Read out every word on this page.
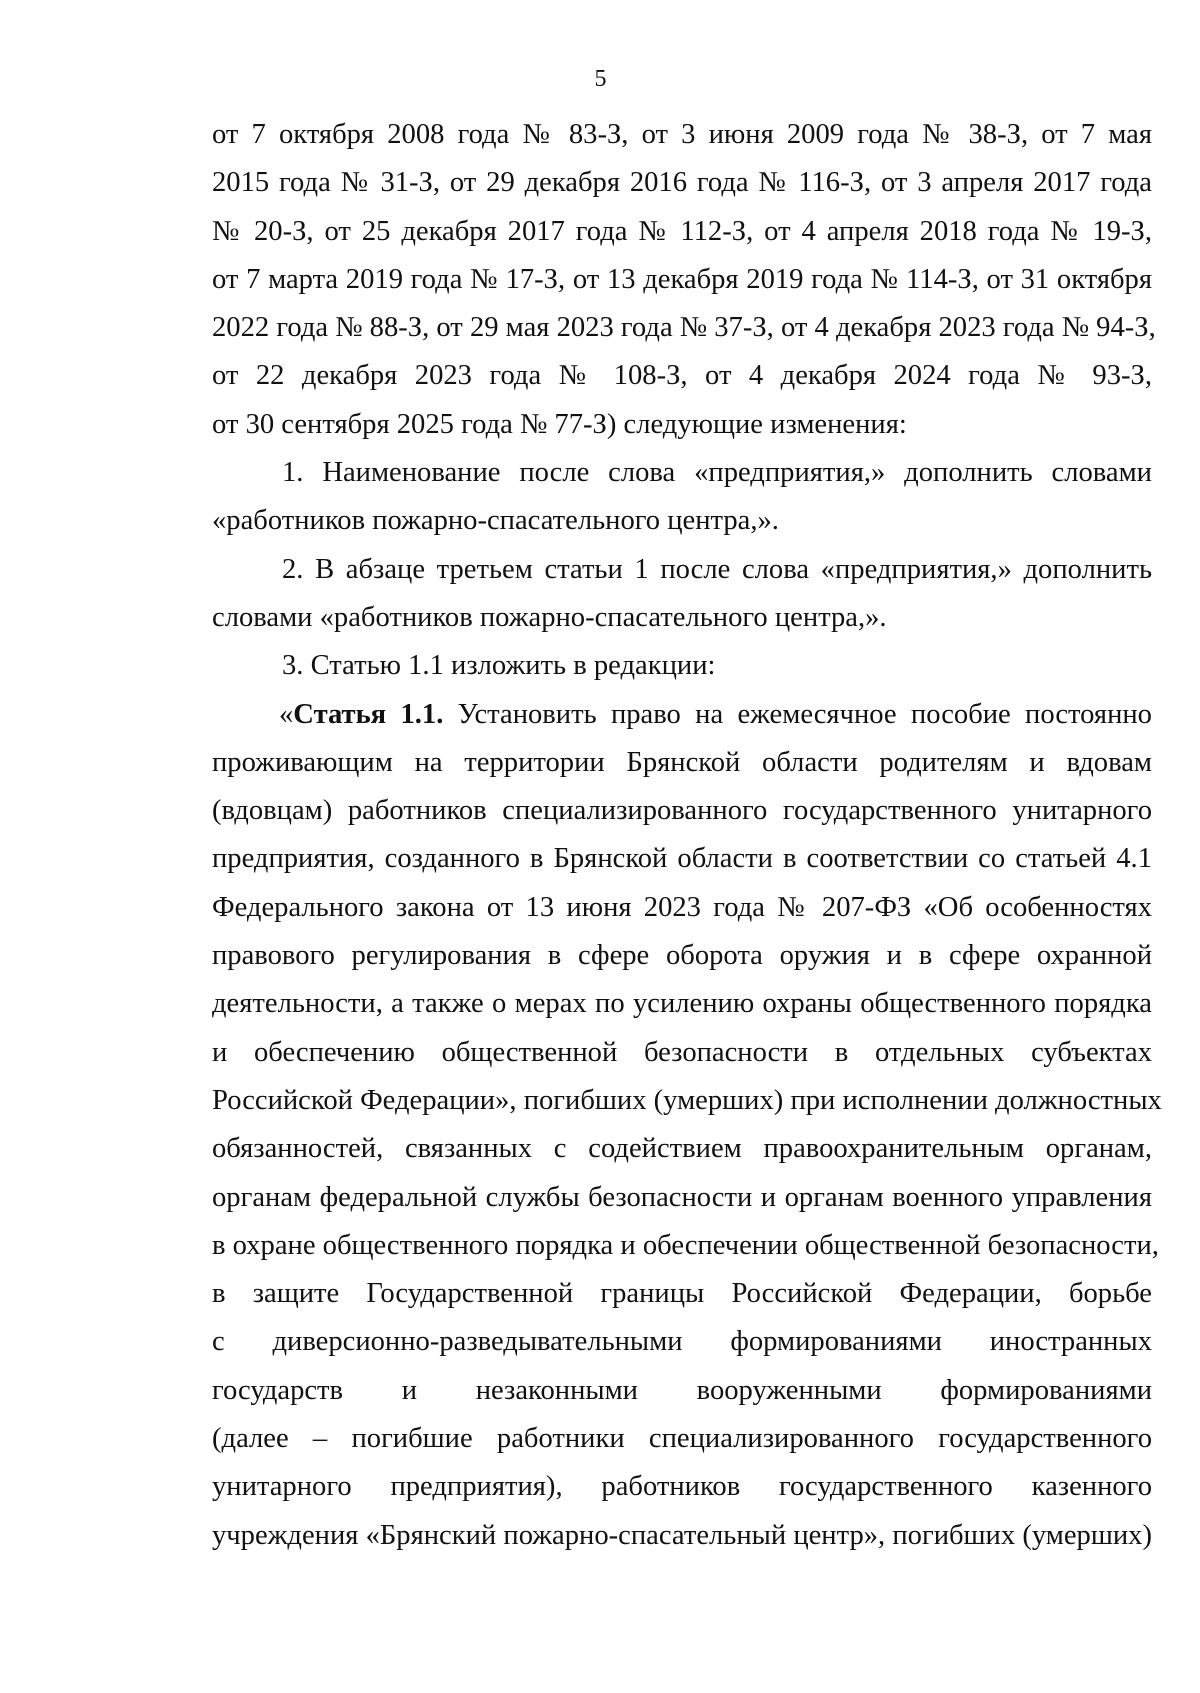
5
от 7 октября 2008 года № 83-З, от 3 июня 2009 года № 38-З, от 7 мая
2015 года № 31-З, от 29 декабря 2016 года № 116-З, от 3 апреля 2017 года
№ 20-З, от 25 декабря 2017 года № 112-З, от 4 апреля 2018 года № 19-З,
от 7 марта 2019 года № 17-З, от 13 декабря 2019 года № 114-З, от 31 октября
2022 года № 88-З, от 29 мая 2023 года № 37-З, от 4 декабря 2023 года № 94-З,
от 22 декабря 2023 года № 108-З, от 4 декабря 2024 года № 93-З,
от 30 сентября 2025 года № 77-З) следующие изменения:
1. Наименование после слова «предприятия,» дополнить словами
«работников пожарно-спасательного центра,».
2. В абзаце третьем статьи 1 после слова «предприятия,» дополнить
словами «работников пожарно-спасательного центра,».
3. Статью 1.1 изложить в редакции:
«Статья 1.1. Установить право на ежемесячное пособие постоянно
проживающим на территории Брянской области родителям и вдовам
(вдовцам) работников специализированного государственного унитарного
предприятия, созданного в Брянской области в соответствии со статьей 4.1
Федерального закона от 13 июня 2023 года № 207-ФЗ «Об особенностях
правового регулирования в сфере оборота оружия и в сфере охранной
деятельности, а также о мерах по усилению охраны общественного порядка
и обеспечению общественной безопасности в отдельных субъектах
Российской Федерации», погибших (умерших) при исполнении должностных
обязанностей, связанных с содействием правоохранительным органам,
органам федеральной службы безопасности и органам военного управления
в охране общественного порядка и обеспечении общественной безопасности,
в защите Государственной границы Российской Федерации, борьбе
с диверсионно-разведывательными формированиями иностранных
государств и незаконными вооруженными формированиями
(далее – погибшие работники специализированного государственного
унитарного предприятия), работников государственного казенного
учреждения «Брянский пожарно-спасательный центр», погибших (умерших)
